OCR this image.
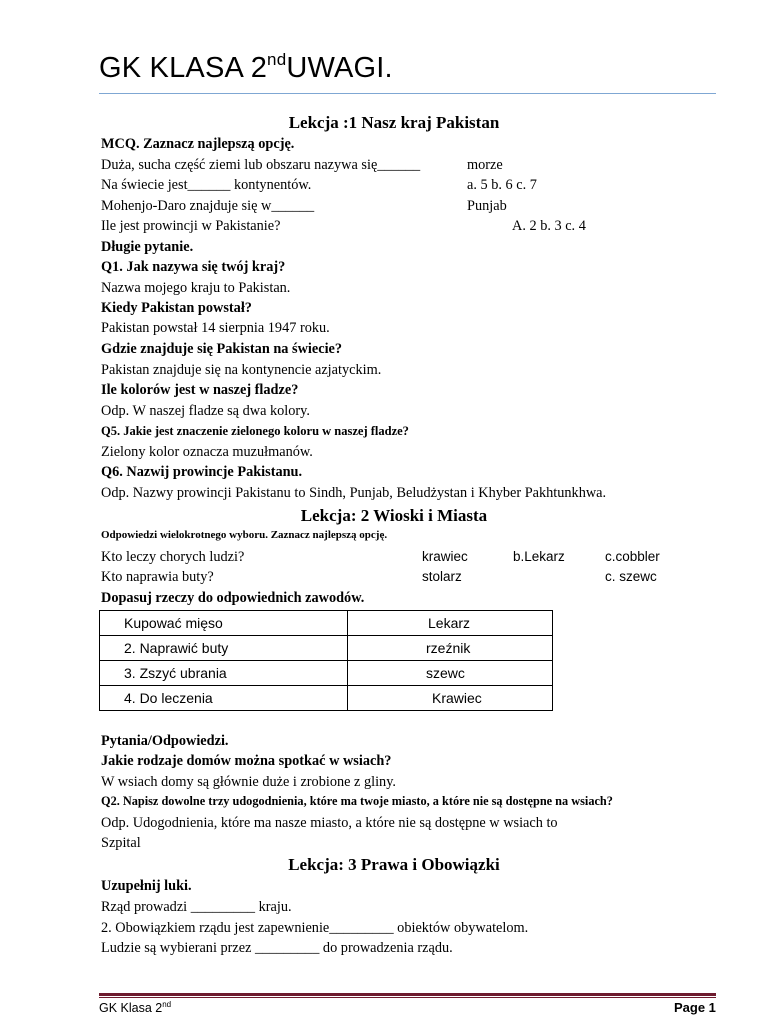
GK KLASA 2ndUWAGI.
Lekcja :1 Nasz kraj Pakistan
MCQ. Zaznacz najlepszą opcję.
Duża, sucha część ziemi lub obszaru nazywa się______	morze
Na świecie jest______ kontynentów.	a. 5 b. 6 c. 7
Mohenjo-Daro znajduje się w______	Punjab
Ile jest prowincji w Pakistanie?	A. 2 b. 3 c. 4
Długie pytanie.
Q1. Jak nazywa się twój kraj?
Nazwa mojego kraju to Pakistan.
Kiedy Pakistan powstał?
Pakistan powstał 14 sierpnia 1947 roku.
Gdzie znajduje się Pakistan na świecie?
Pakistan znajduje się na kontynencie azjatyckim.
Ile kolorów jest w naszej fladze?
Odp. W naszej fladze są dwa kolory.
Q5. Jakie jest znaczenie zielonego koloru w naszej fladze?
Zielony kolor oznacza muzułmanów.
Q6. Nazwij prowincje Pakistanu.
Odp. Nazwy prowincji Pakistanu to Sindh, Punjab, Beludżystan i Khyber Pakhtunkhwa.
Lekcja: 2 Wioski i Miasta
Odpowiedzi wielokrotnego wyboru. Zaznacz najlepszą opcję.
Kto leczy chorych ludzi?	krawiec	b.Lekarz	c.cobbler
Kto naprawia buty?	stolarz	c. szewc
Dopasuj rzeczy do odpowiednich zawodów.
Kupować mięso	Lekarz
2. Naprawić buty	rzeźnik
3. Zszyć ubrania	szewc
4. Do leczenia	Krawiec
Pytania/Odpowiedzi.
Jakie rodzaje domów można spotkać w wsiach?
W wsiach domy są głównie duże i zrobione z gliny.
Q2. Napisz dowolne trzy udogodnienia, które ma twoje miasto, a które nie są dostępne na wsiach?
Odp. Udogodnienia, które ma nasze miasto, a które nie są dostępne w wsiach to
Szpital
Lekcja: 3 Prawa i Obowiązki
Uzupełnij luki.
Rząd prowadzi _________ kraju.
2. Obowiązkiem rządu jest zapewnienie_________ obiektów obywatelom.
Ludzie są wybierani przez _________ do prowadzenia rządu.
GK Klasa 2nd	Page 1
